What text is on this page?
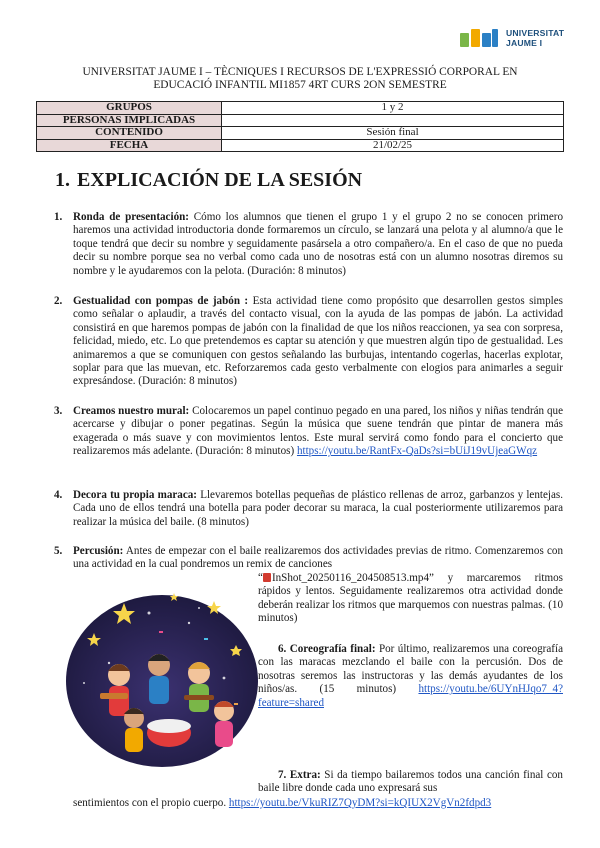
UNIVERSITAT
JAUME I
UNIVERSITAT JAUME I – TÈCNIQUES I RECURSOS DE L'EXPRESSIÓ CORPORAL EN
EDUCACIÓ INFANTIL MI1857 4RT CURS 2ON SEMESTRE
GRUPOS	1 y 2
PERSONAS IMPLICADAS	
CONTENIDO	Sesión final
FECHA	21/02/25
1. EXPLICACIÓN DE LA SESIÓN
1. Ronda de presentación: Cómo los alumnos que tienen el grupo 1 y el grupo 2 no se conocen primero haremos una actividad introductoria donde formaremos un círculo, se lanzará una pelota y al alumno/a que le toque tendrá que decir su nombre y seguidamente pasársela a otro compañero/a. En el caso de que no pueda decir su nombre porque sea no verbal como cada uno de nosotras está con un alumno nosotras diremos su nombre y le ayudaremos con la pelota. (Duración: 8 minutos)
2. Gestualidad con pompas de jabón : Esta actividad tiene como propósito que desarrollen gestos simples como señalar o aplaudir, a través del contacto visual, con la ayuda de las pompas de jabón. La actividad consistirá en que haremos pompas de jabón con la finalidad de que los niños reaccionen, ya sea con sorpresa, felicidad, miedo, etc. Lo que pretendemos es captar su atención y que muestren algún tipo de gestualidad. Les animaremos a que se comuniquen con gestos señalando las burbujas, intentando cogerlas, hacerlas explotar, soplar para que las muevan, etc. Reforzaremos cada gesto verbalmente con elogios para animarles a seguir expresándose. (Duración: 8 minutos)
3. Creamos nuestro mural: Colocaremos un papel continuo pegado en una pared, los niños y niñas tendrán que acercarse y dibujar o poner pegatinas. Según la música que suene tendrán que pintar de manera más exagerada o más suave y con movimientos lentos. Este mural servirá como fondo para el concierto que realizaremos más adelante. (Duración: 8 minutos) https://youtu.be/RantFx-QaDs?si=bUiJ19vUjeaGWqz
4. Decora tu propia maraca: Llevaremos botellas pequeñas de plástico rellenas de arroz, garbanzos y lentejas. Cada uno de ellos tendrá una botella para poder decorar su maraca, la cual posteriormente utilizaremos para realizar la música del baile. (8 minutos)
5. Percusión: Antes de empezar con el baile realizaremos dos actividades previas de ritmo. Comenzaremos con una actividad en la cual pondremos un remix de canciones
“ InShot_20250116_204508513.mp4” y marcaremos ritmos rápidos y lentos. Seguidamente realizaremos otra actividad donde deberán realizar los ritmos que marquemos con nuestras palmas. (10 minutos)
6. Coreografía final: Por último, realizaremos una coreografía con las maracas mezclando el baile con la percusión. Dos de nosotras seremos las instructoras y las demás ayudantes de los niños/as. (15 minutos) https://youtu.be/6UYnHJqo7_4?feature=shared
7. Extra: Si da tiempo bailaremos todos una canción final con baile libre donde cada uno expresará sus
sentimientos con el propio cuerpo. https://youtu.be/VkuRIZ7QyDM?si=kQIUX2VgVn2fdpd3
